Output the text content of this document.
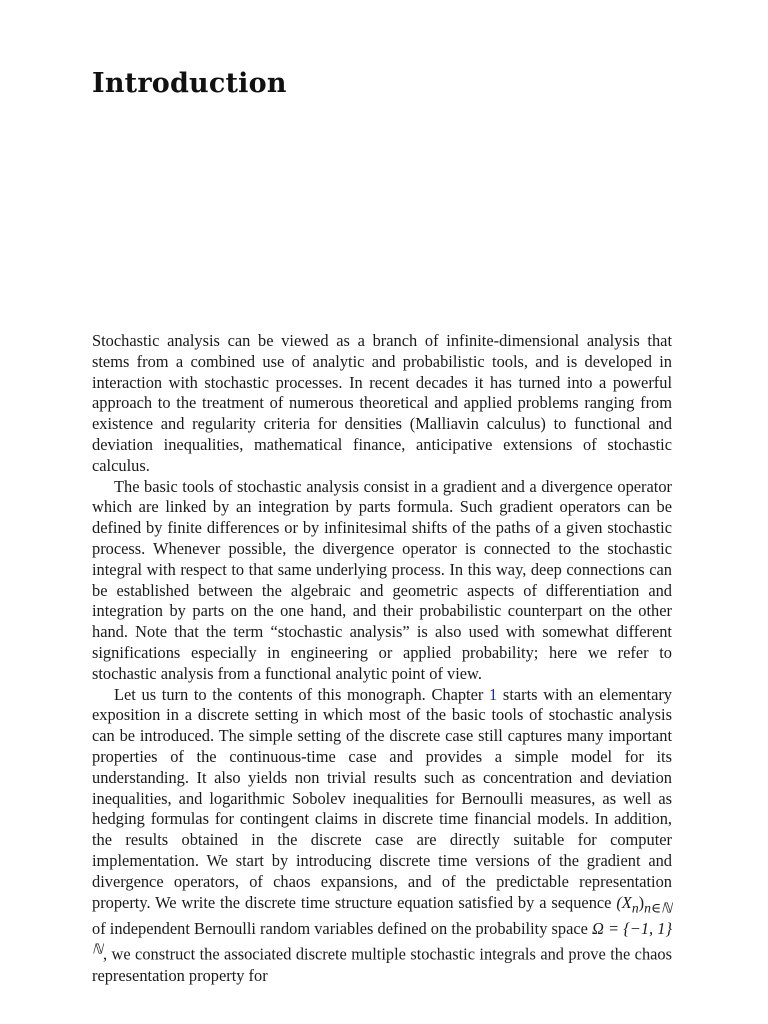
Introduction

Stochastic analysis can be viewed as a branch of infinite-dimensional analysis that stems from a combined use of analytic and probabilistic tools, and is developed in interaction with stochastic processes. In recent decades it has turned into a powerful approach to the treatment of numerous theoretical and applied problems ranging from existence and regularity criteria for densities (Malliavin calculus) to functional and deviation inequalities, mathematical finance, anticipative extensions of stochastic calculus.

The basic tools of stochastic analysis consist in a gradient and a divergence operator which are linked by an integration by parts formula. Such gradient operators can be defined by finite differences or by infinitesimal shifts of the paths of a given stochastic process. Whenever possible, the divergence operator is connected to the stochastic integral with respect to that same underlying process. In this way, deep connections can be established between the algebraic and geometric aspects of differentiation and integration by parts on the one hand, and their probabilistic counterpart on the other hand. Note that the term “stochastic analysis” is also used with somewhat different significations especially in engineering or applied probability; here we refer to stochastic analysis from a functional analytic point of view.

Let us turn to the contents of this monograph. Chapter 1 starts with an elementary exposition in a discrete setting in which most of the basic tools of stochastic analysis can be introduced. The simple setting of the discrete case still captures many important properties of the continuous-time case and provides a simple model for its understanding. It also yields non trivial results such as concentration and deviation inequalities, and logarithmic Sobolev inequalities for Bernoulli measures, as well as hedging formulas for contingent claims in discrete time financial models. In addition, the results obtained in the discrete case are directly suitable for computer implementation. We start by introducing discrete time versions of the gradient and divergence operators, of chaos expansions, and of the predictable representation property. We write the discrete time structure equation satisfied by a sequence $(X_n)_{n\in ℕ}$ of independent Bernoulli random variables defined on the probability space Ω = {−1, 1}$^ℕ$, we construct the associated discrete multiple stochastic integrals and prove the chaos representation property for
